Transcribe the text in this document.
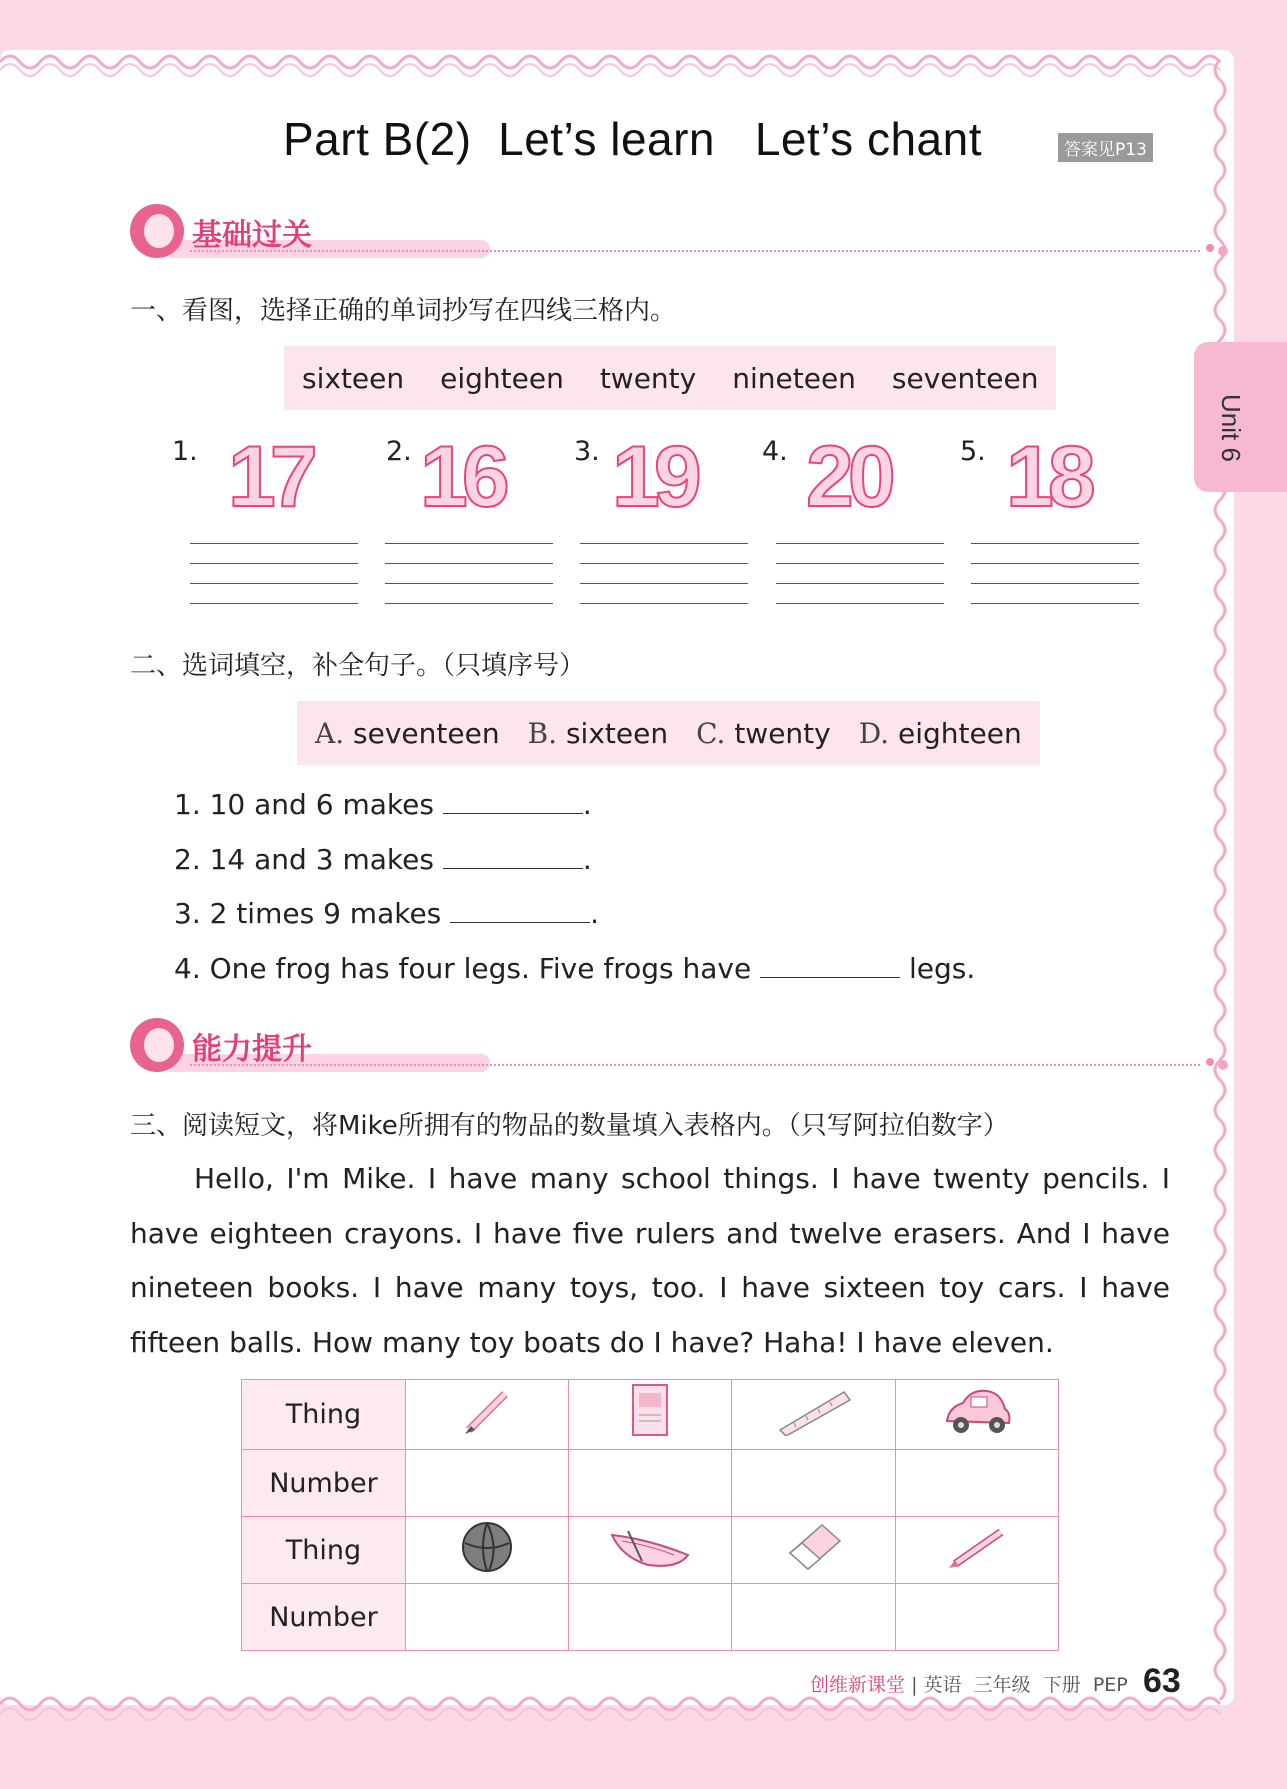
Part B(2)  Let’s learn   Let’s chant	答案见P13
Unit 6
基础过关
一、看图，选择正确的单词抄写在四线三格内。
sixteen eighteen twenty nineteen seventeen
1. 17	2. 16	3. 19 4. 20	5. 18
二、选词填空，补全句子。（只填序号）
A. seventeen B. sixteen C. twenty D. eighteen
1. 10 and 6 makes	.
2. 14 and 3 makes	.
3. 2 times 9 makes	.
4. One frog has four legs. Five frogs have	legs.
能力提升
三、阅读短文，将Mike所拥有的物品的数量填入表格内。（只写阿拉伯数字）
Hello, I'm Mike. I have many school things. I have twenty pencils. I have eighteen crayons. I have five rulers and twelve erasers. And I have nineteen books. I have many toys, too. I have sixteen toy cars. I have fifteen balls. How many toy boats do I have? Haha! I have eleven.
Thing				
Number				
Thing				
Number				
创维新课堂 | 英语 三年级 下册 PEP 63
